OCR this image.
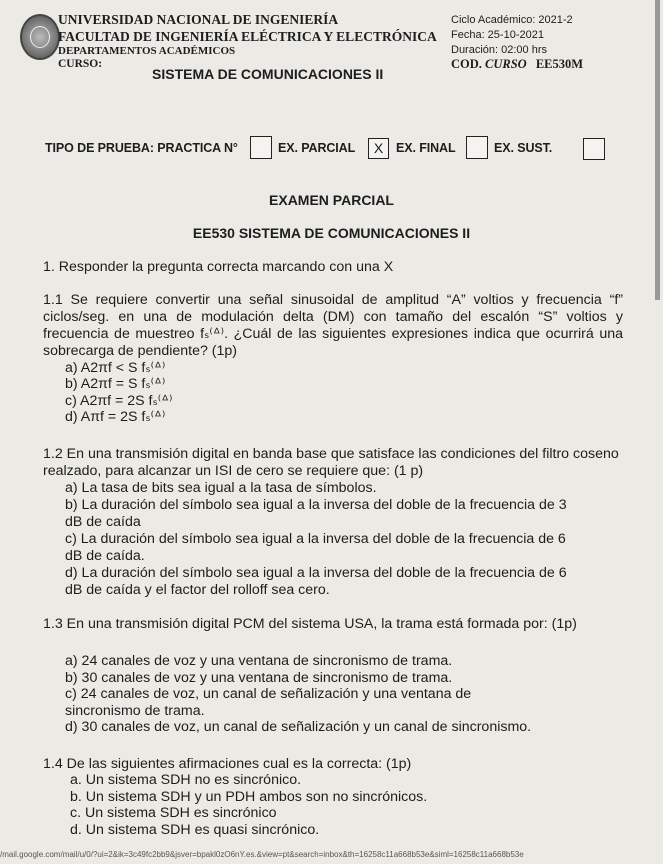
UNIVERSIDAD NACIONAL DE INGENIERÍA
FACULTAD DE INGENIERÍA ELÉCTRICA Y ELECTRÓNICA
DEPARTAMENTOS ACADÉMICOS
CURSO:
SISTEMA DE COMUNICACIONES II
Ciclo Académico: 2021-2
Fecha: 25-10-2021
Duración: 02:00 hrs
COD. CURSO EE530M
TIPO DE PRUEBA: PRACTICA N°	EX. PARCIAL	X	EX. FINAL	EX. SUST.
EXAMEN PARCIAL
EE530 SISTEMA DE COMUNICACIONES II
1. Responder la pregunta correcta marcando con una X
1.1 Se requiere convertir una señal sinusoidal de amplitud “A” voltios y frecuencia “f” ciclos/seg. en una de modulación delta (DM) con tamaño del escalón “S” voltios y frecuencia de muestreo fₛ⁽ᐞ⁾. ¿Cuál de las siguientes expresiones indica que ocurrirá una sobrecarga de pendiente? (1p)
a) A2πf < S fₛ⁽ᐞ⁾
b) A2πf = S fₛ⁽ᐞ⁾
c) A2πf = 2S fₛ⁽ᐞ⁾
d) Aπf = 2S fₛ⁽ᐞ⁾
1.2 En una transmisión digital en banda base que satisface las condiciones del filtro coseno realzado, para alcanzar un ISI de cero se requiere que: (1 p)
a) La tasa de bits sea igual a la tasa de símbolos.
b) La duración del símbolo sea igual a la inversa del doble de la frecuencia de 3 dB de caída
c) La duración del símbolo sea igual a la inversa del doble de la frecuencia de 6 dB de caída.
d) La duración del símbolo sea igual a la inversa del doble de la frecuencia de 6 dB de caída y el factor del rolloff sea cero.
1.3 En una transmisión digital PCM del sistema USA, la trama está formada por: (1p)
a) 24 canales de voz y una ventana de sincronismo de trama.
b) 30 canales de voz y una ventana de sincronismo de trama.
c) 24 canales de voz, un canal de señalización y una ventana de sincronismo de trama.
d) 30 canales de voz, un canal de señalización y un canal de sincronismo.
1.4 De las siguientes afirmaciones cual es la correcta: (1p)
a. Un sistema SDH no es sincrónico.
b. Un sistema SDH y un PDH ambos son no sincrónicos.
c. Un sistema SDH es sincrónico
d. Un sistema SDH es quasi sincrónico.
/mail.google.com/mail/u/0/?ui=2&ik=3c49fc2bb9&jsver=bpakl0zO6nY.es.&view=pt&search=inbox&th=16258c11a668b53e&siml=16258c11a668b53e
